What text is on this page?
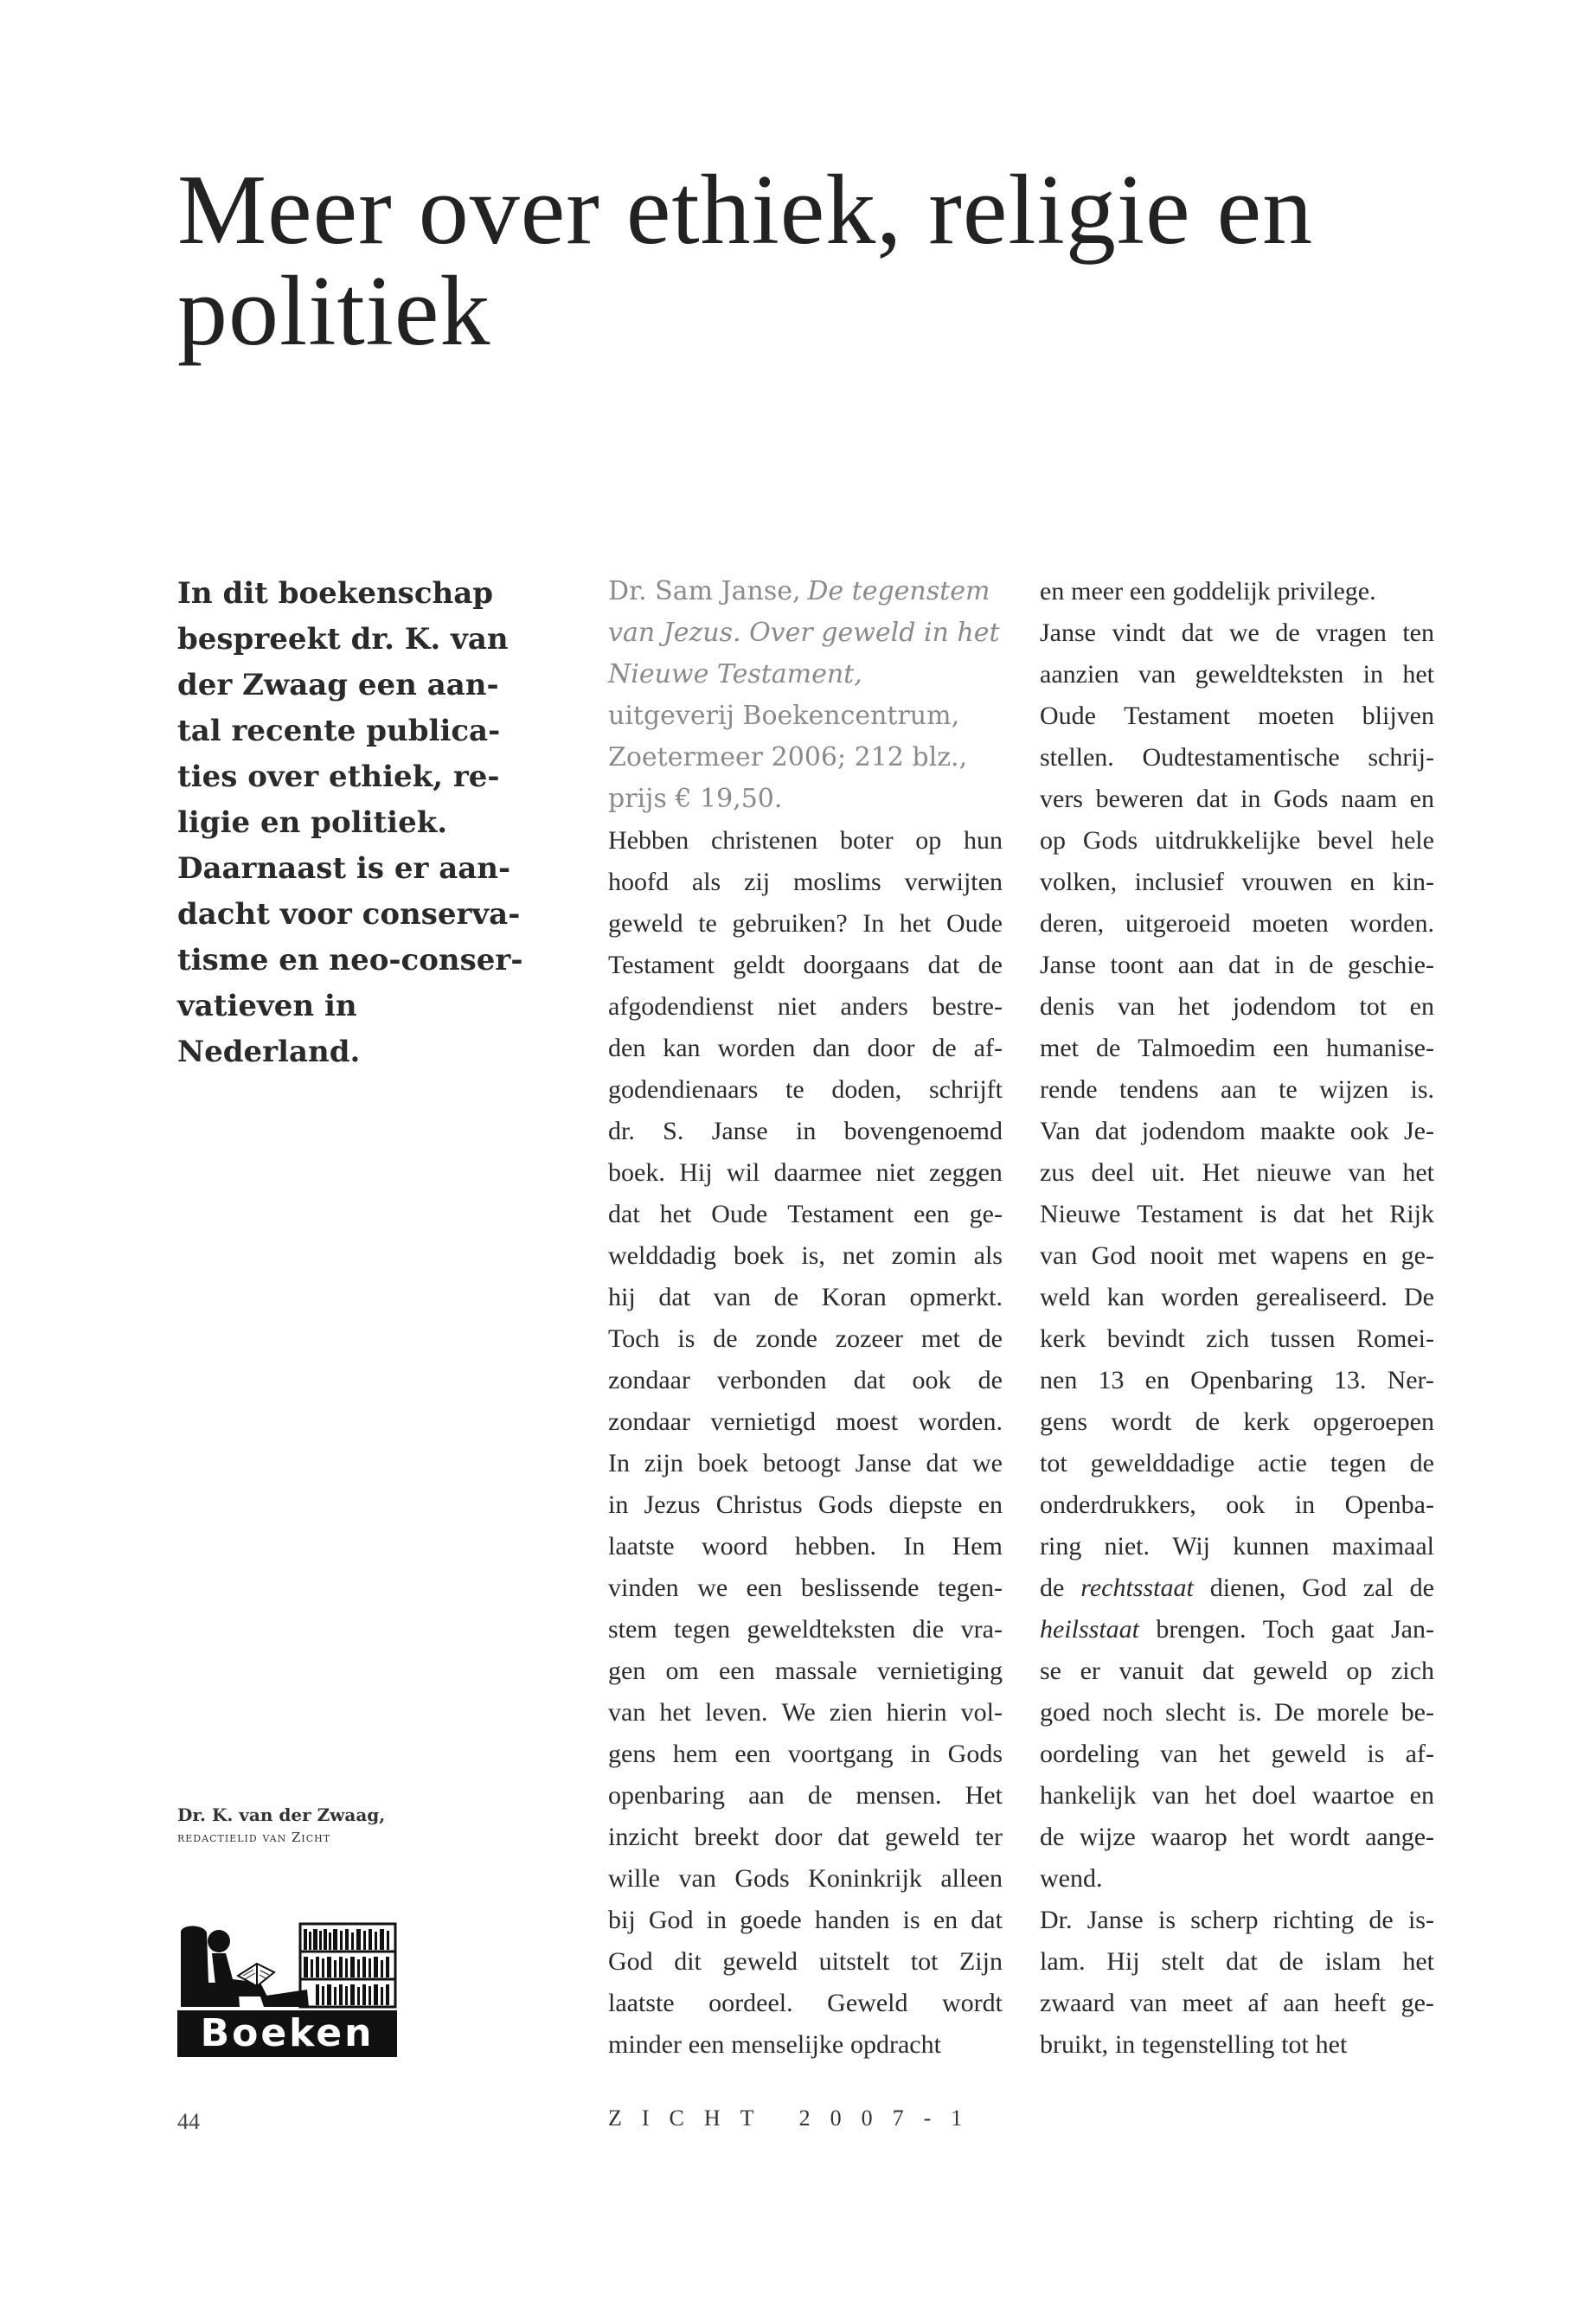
Meer over ethiek, religie en
politiek
In dit boekenschap
bespreekt dr. K. van
der Zwaag een aan-
tal recente publica-
ties over ethiek, re-
ligie en politiek.
Daarnaast is er aan-
dacht voor conserva-
tisme en neo-conser-
vatieven in
Nederland.
Dr. K. van der Zwaag,
redactielid van Zicht
Boeken
Dr. Sam Janse, De tegenstem
van Jezus. Over geweld in het
Nieuwe Testament,
uitgeverij Boekencentrum,
Zoetermeer 2006; 212 blz.,
prijs € 19,50.
Hebben christenen boter op hun
hoofd als zij moslims verwijten
geweld te gebruiken? In het Oude
Testament geldt doorgaans dat de
afgodendienst niet anders bestre-
den kan worden dan door de af-
godendienaars te doden, schrijft
dr. S. Janse in bovengenoemd
boek. Hij wil daarmee niet zeggen
dat het Oude Testament een ge-
welddadig boek is, net zomin als
hij dat van de Koran opmerkt.
Toch is de zonde zozeer met de
zondaar verbonden dat ook de
zondaar vernietigd moest worden.
In zijn boek betoogt Janse dat we
in Jezus Christus Gods diepste en
laatste woord hebben. In Hem
vinden we een beslissende tegen-
stem tegen geweldteksten die vra-
gen om een massale vernietiging
van het leven. We zien hierin vol-
gens hem een voortgang in Gods
openbaring aan de mensen. Het
inzicht breekt door dat geweld ter
wille van Gods Koninkrijk alleen
bij God in goede handen is en dat
God dit geweld uitstelt tot Zijn
laatste oordeel. Geweld wordt
minder een menselijke opdracht
en meer een goddelijk privilege.
Janse vindt dat we de vragen ten
aanzien van geweldteksten in het
Oude Testament moeten blijven
stellen. Oudtestamentische schrij-
vers beweren dat in Gods naam en
op Gods uitdrukkelijke bevel hele
volken, inclusief vrouwen en kin-
deren, uitgeroeid moeten worden.
Janse toont aan dat in de geschie-
denis van het jodendom tot en
met de Talmoedim een humanise-
rende tendens aan te wijzen is.
Van dat jodendom maakte ook Je-
zus deel uit. Het nieuwe van het
Nieuwe Testament is dat het Rijk
van God nooit met wapens en ge-
weld kan worden gerealiseerd. De
kerk bevindt zich tussen Romei-
nen 13 en Openbaring 13. Ner-
gens wordt de kerk opgeroepen
tot gewelddadige actie tegen de
onderdrukkers, ook in Openba-
ring niet. Wij kunnen maximaal
de rechtsstaat dienen, God zal de
heilsstaat brengen. Toch gaat Jan-
se er vanuit dat geweld op zich
goed noch slecht is. De morele be-
oordeling van het geweld is af-
hankelijk van het doel waartoe en
de wijze waarop het wordt aange-
wend.
Dr. Janse is scherp richting de is-
lam. Hij stelt dat de islam het
zwaard van meet af aan heeft ge-
bruikt, in tegenstelling tot het
44	ZICHT 2007-1
